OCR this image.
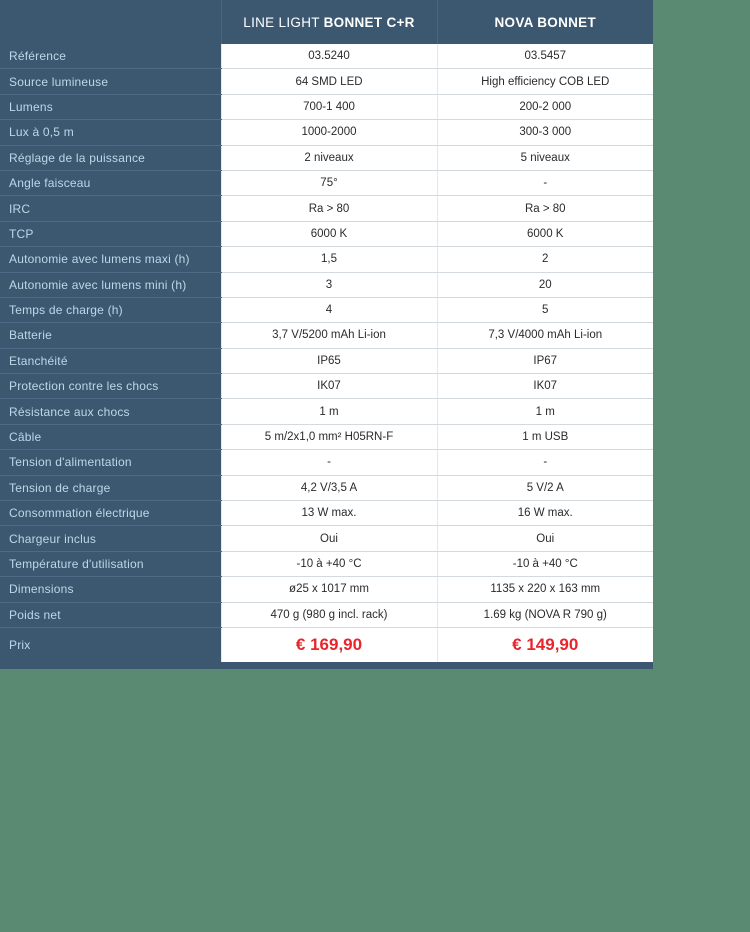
	LINE LIGHT BONNET C+R	NOVA BONNET
Référence	03.5240	03.5457
Source lumineuse	64 SMD LED	High efficiency COB LED
Lumens	700-1 400	200-2 000
Lux à 0,5 m	1000-2000	300-3 000
Réglage de la puissance	2 niveaux	5 niveaux
Angle faisceau	75°	-
IRC	Ra > 80	Ra > 80
TCP	6000 K	6000 K
Autonomie avec lumens maxi (h)	1,5	2
Autonomie avec lumens mini (h)	3	20
Temps de charge (h)	4	5
Batterie	3,7 V/5200 mAh Li-ion	7,3 V/4000 mAh Li-ion
Etanchéité	IP65	IP67
Protection contre les chocs	IK07	IK07
Résistance aux chocs	1 m	1 m
Câble	5 m/2x1,0 mm² H05RN-F	1 m USB
Tension d'alimentation	-	-
Tension de charge	4,2 V/3,5 A	5 V/2 A
Consommation électrique	13 W max.	16 W max.
Chargeur inclus	Oui	Oui
Température d'utilisation	-10 à +40 °C	-10 à +40 °C
Dimensions	ø25 x 1017 mm	1135 x 220 x 163 mm
Poids net	470 g (980 g incl. rack)	1.69 kg (NOVA R 790 g)
Prix	€ 169,90	€ 149,90
